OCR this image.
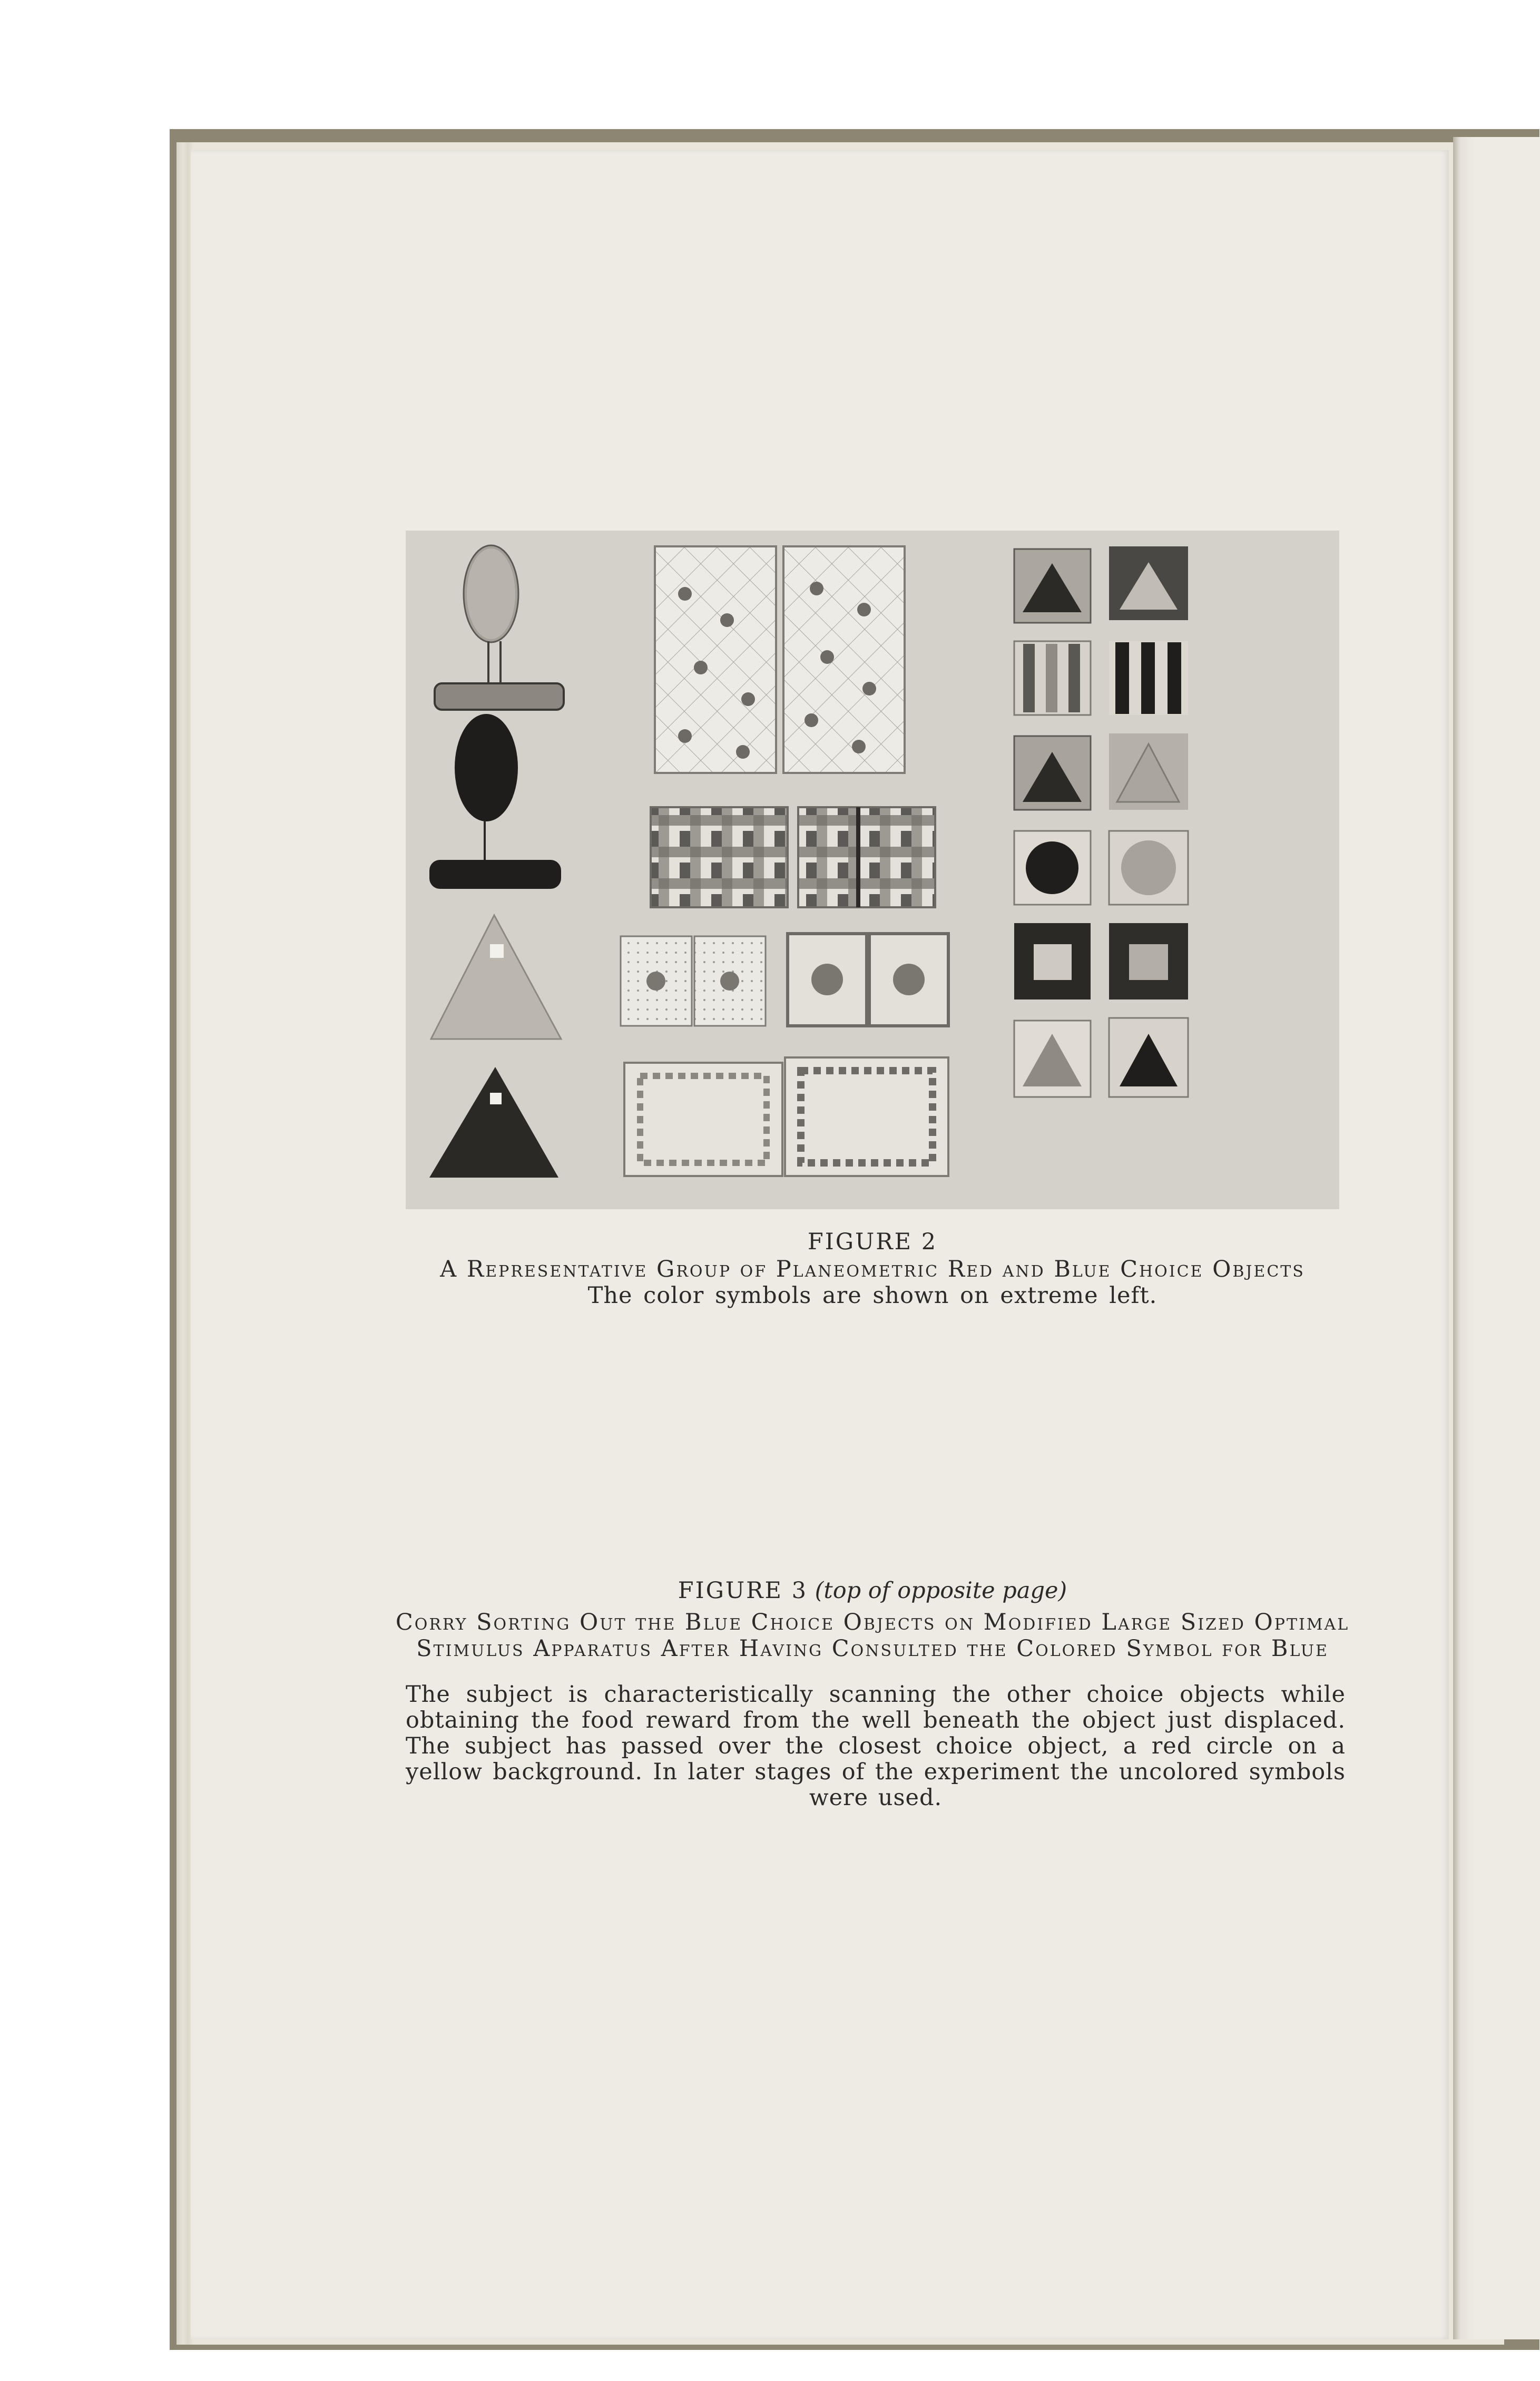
FIGURE 2
A Representative Group of Planeometric Red and Blue Choice Objects
The color symbols are shown on extreme left.
FIGURE 3 (top of opposite page)
Corry Sorting Out the Blue Choice Objects on Modified Large Sized Optimal
Stimulus Apparatus After Having Consulted the Colored Symbol for Blue
The subject is characteristically scanning the other choice objects while obtaining the food reward from the well beneath the object just displaced. The subject has passed over the closest choice object, a red circle on a yellow background. In later stages of the experiment the uncolored symbols were used.
